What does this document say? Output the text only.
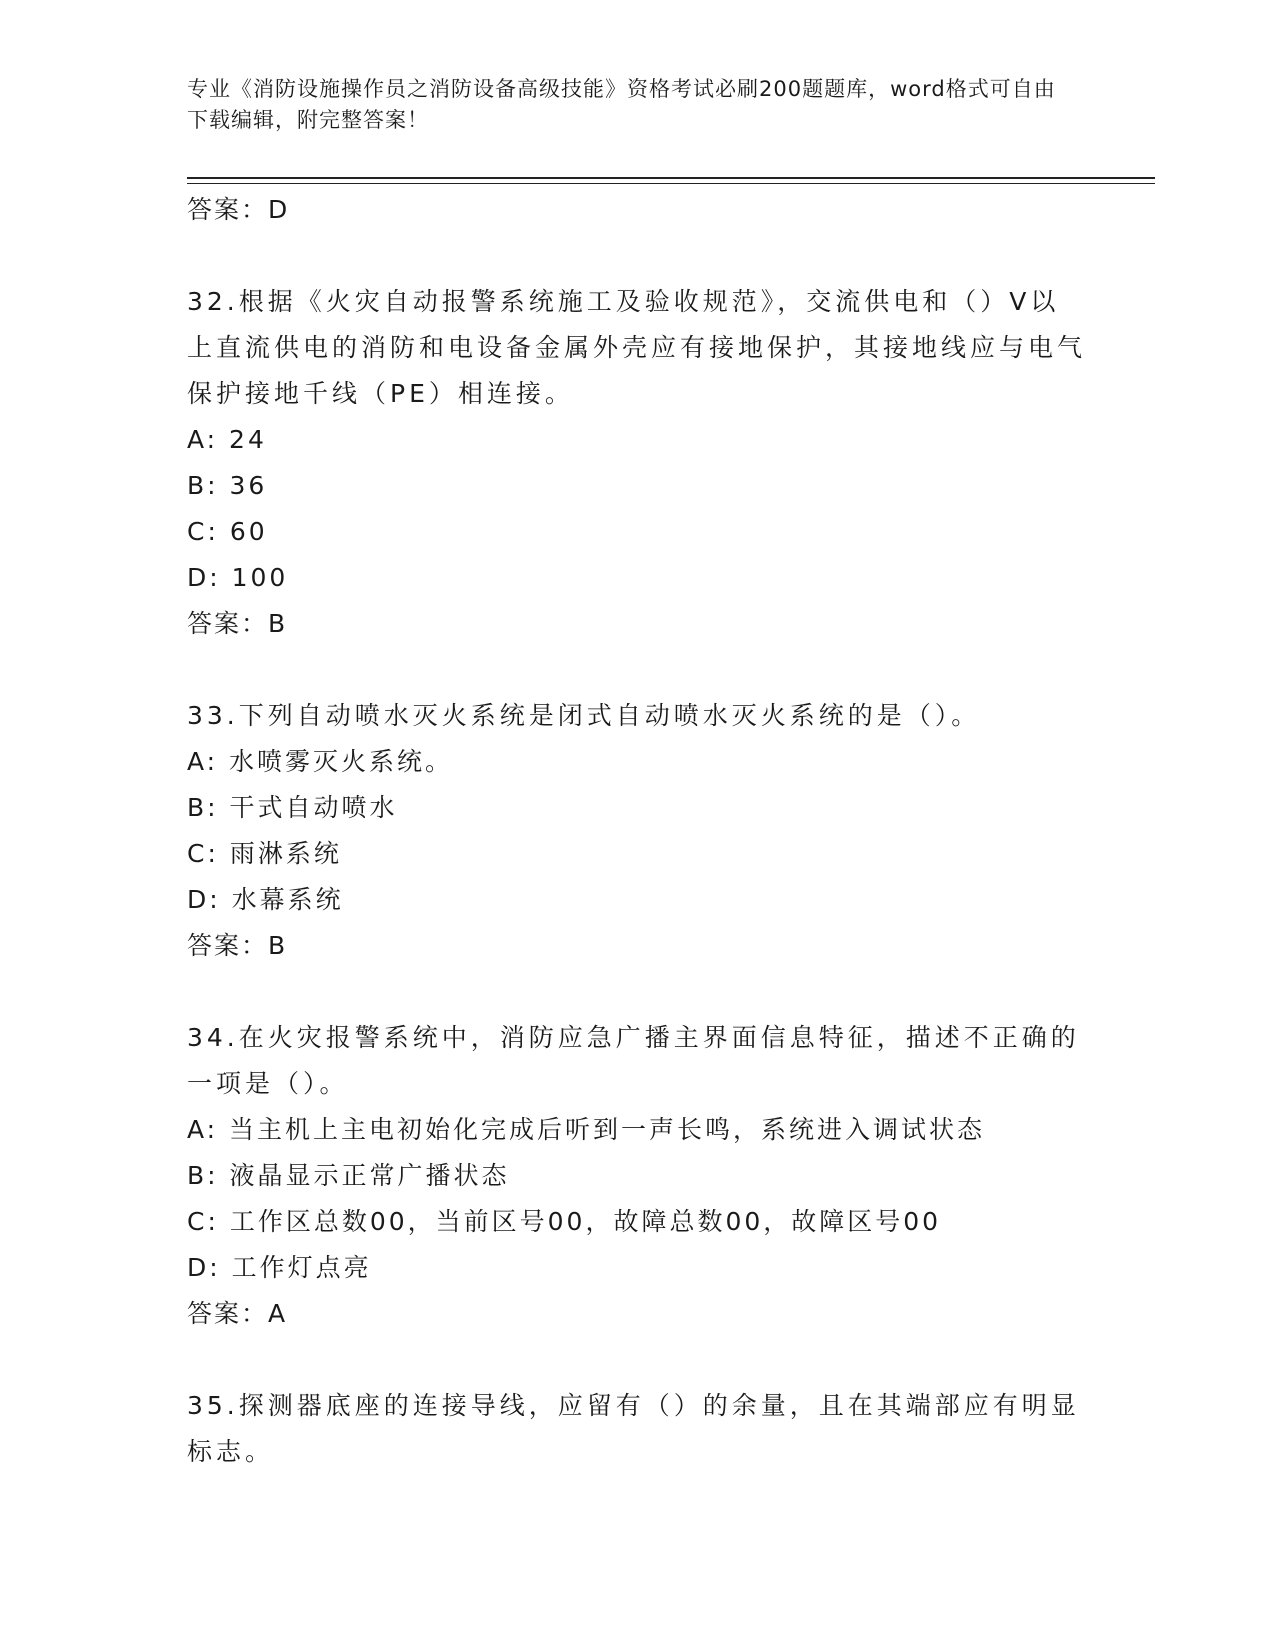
专业《消防设施操作员之消防设备高级技能》资格考试必刷200题题库，word格式可自由下载编辑，附完整答案！
答案：D
32.根据《火灾自动报警系统施工及验收规范》，交流供电和（）V以上直流供电的消防和电设备金属外壳应有接地保护，其接地线应与电气保护接地千线（PE）相连接。
A: 24
B: 36
C: 60
D: 100
答案：B
33.下列自动喷水灭火系统是闭式自动喷水灭火系统的是（）。
A: 水喷雾灭火系统。
B: 干式自动喷水
C: 雨淋系统
D: 水幕系统
答案：B
34.在火灾报警系统中，消防应急广播主界面信息特征，描述不正确的一项是（）。
A: 当主机上主电初始化完成后听到一声长鸣，系统进入调试状态
B: 液晶显示正常广播状态
C: 工作区总数00，当前区号00，故障总数00，故障区号00
D: 工作灯点亮
答案：A
35.探测器底座的连接导线，应留有（）的余量，且在其端部应有明显标志。
